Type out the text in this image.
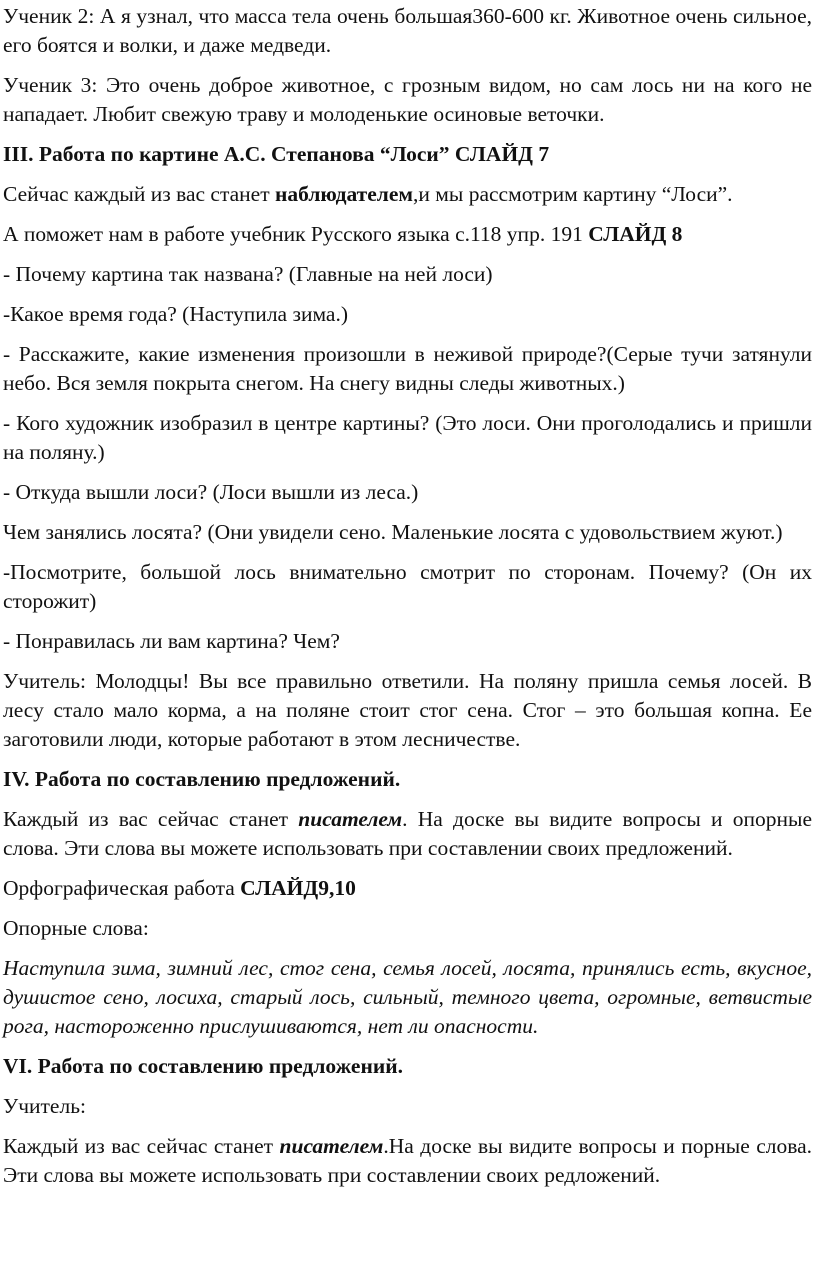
Ученик 2: А я узнал, что масса тела очень большая360-600 кг. Животное очень сильное, его боятся и волки, и даже медведи.

Ученик 3: Это очень доброе животное, с грозным видом, но сам лось ни на кого не нападает. Любит свежую траву и молоденькие осиновые веточки.

III. Работа по картине А.С. Степанова “Лоси” СЛАЙД 7

Сейчас каждый из вас станет наблюдателем,и мы рассмотрим картину “Лоси”.

А поможет нам в работе учебник Русского языка с.118 упр. 191 СЛАЙД 8

- Почему картина так названа? (Главные на ней лоси)

-Какое время года? (Наступила зима.)

- Расскажите, какие изменения произошли в неживой природе?(Серые тучи затянули небо. Вся земля покрыта снегом. На снегу видны следы животных.)

- Кого художник изобразил в центре картины? (Это лоси. Они проголодались и пришли на поляну.)

- Откуда вышли лоси? (Лоси вышли из леса.)

Чем занялись лосята? (Они увидели сено. Маленькие лосята с удовольствием жуют.)

-Посмотрите, большой лось внимательно смотрит по сторонам. Почему? (Он их сторожит)

- Понравилась ли вам картина? Чем?

Учитель: Молодцы! Вы все правильно ответили. На поляну пришла семья лосей. В лесу стало мало корма, а на поляне стоит стог сена. Стог – это большая копна. Ее заготовили люди, которые работают в этом лесничестве.

IV. Работа по составлению предложений.

Каждый из вас сейчас станет писателем. На доске вы видите вопросы и опорные слова. Эти слова вы можете использовать при составлении своих предложений.

Орфографическая работа СЛАЙД9,10

Опорные слова:

Наступила зима, зимний лес, стог сена, семья лосей, лосята, принялись есть, вкусное, душистое сено, лосиха, старый лось, сильный, темного цвета, огромные, ветвистые рога, настороженно прислушиваются, нет ли опасности.

VI. Работа по составлению предложений.

Учитель:

Каждый из вас сейчас станет писателем.На доске вы видите вопросы и порные слова. Эти слова вы можете использовать при составлении своих редложений.
